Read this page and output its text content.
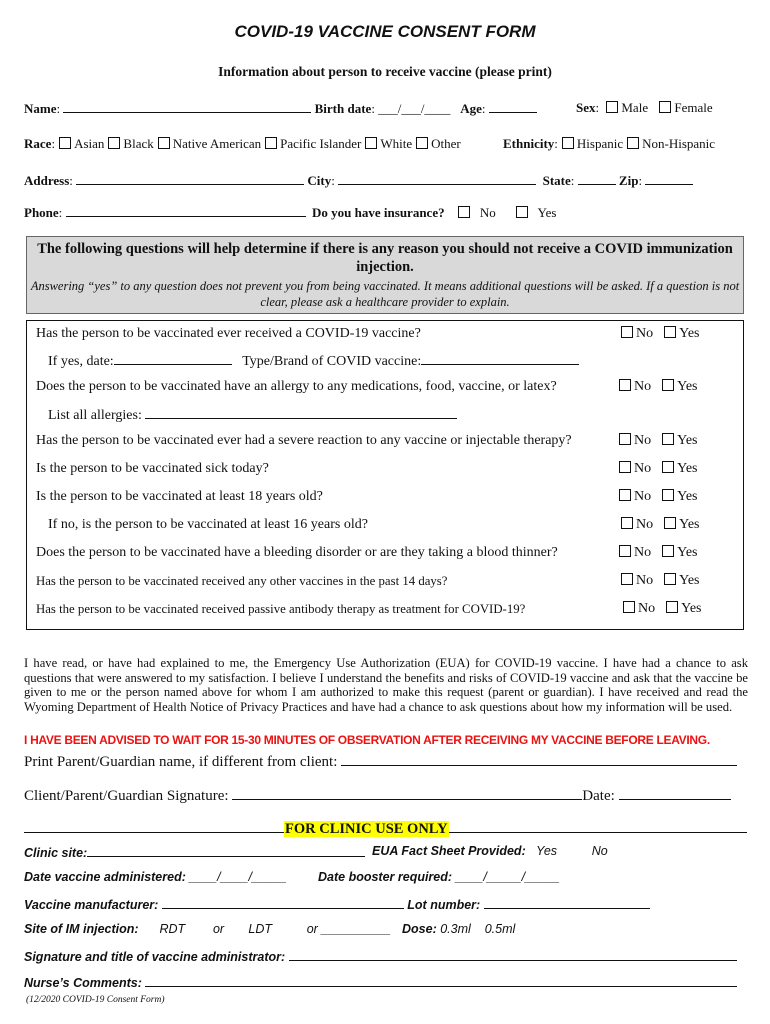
COVID-19 VACCINE CONSENT FORM
Information about person to receive vaccine (please print)
Name:	Birth date: ___/___/____ Age:	Sex: Male Female
Race: Asian Black Native American Pacific Islander White Other	Ethnicity: Hispanic Non-Hispanic
Address:	City:	State:	Zip:
Phone:	Do you have insurance?	No	Yes
The following questions will help determine if there is any reason you should not receive a COVID immunization injection.
Answering “yes” to any question does not prevent you from being vaccinated. It means additional questions will be asked. If a question is not clear, please ask a healthcare provider to explain.
Has the person to be vaccinated ever received a COVID-19 vaccine?	No Yes
If yes, date:	Type/Brand of COVID vaccine:
Does the person to be vaccinated have an allergy to any medications, food, vaccine, or latex?	No Yes
List all allergies:
Has the person to be vaccinated ever had a severe reaction to any vaccine or injectable therapy?	No Yes
Is the person to be vaccinated sick today?	No Yes
Is the person to be vaccinated at least 18 years old?	No Yes
If no, is the person to be vaccinated at least 16 years old?	No Yes
Does the person to be vaccinated have a bleeding disorder or are they taking a blood thinner?	No Yes
Has the person to be vaccinated received any other vaccines in the past 14 days?	No Yes
Has the person to be vaccinated received passive antibody therapy as treatment for COVID-19?	No Yes
I have read, or have had explained to me, the Emergency Use Authorization (EUA) for COVID-19 vaccine. I have had a chance to ask questions that were answered to my satisfaction. I believe I understand the benefits and risks of COVID-19 vaccine and ask that the vaccine be given to me or the person named above for whom I am authorized to make this request (parent or guardian). I have received and read the Wyoming Department of Health Notice of Privacy Practices and have had a chance to ask questions about how my information will be used.
I HAVE BEEN ADVISED TO WAIT FOR 15-30 MINUTES OF OBSERVATION AFTER RECEIVING MY VACCINE BEFORE LEAVING.
Print Parent/Guardian name, if different from client:
Client/Parent/Guardian Signature:	Date:
FOR CLINIC USE ONLY
Clinic site:	EUA Fact Sheet Provided: Yes	No
Date vaccine administered: ____/____/_____	Date booster required: ____/_____/_____
Vaccine manufacturer:	Lot number:
Site of IM injection: RDT or LDT	or __________ Dose: 0.3ml 0.5ml
Signature and title of vaccine administrator:
Nurse’s Comments:
(12/2020 COVID-19 Consent Form)
